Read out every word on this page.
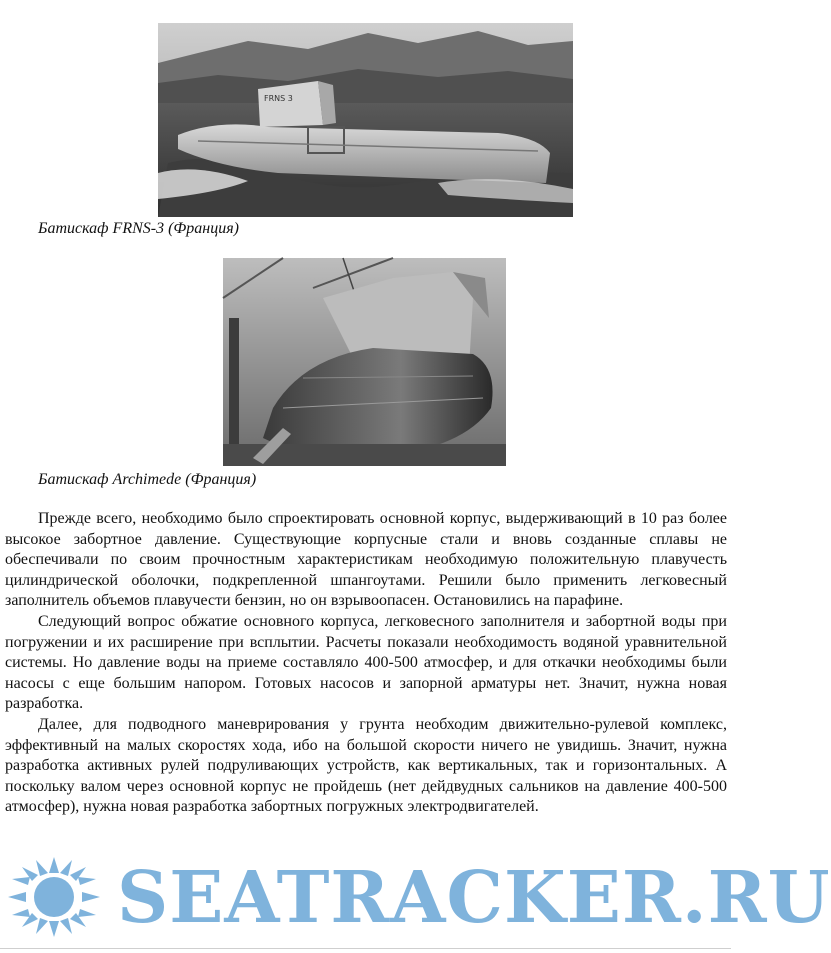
FRNS 3
Батискаф FRNS-3 (Франция)
Батискаф Archimede (Франция)

Прежде всего, необходимо было спроектировать основной корпус, выдерживающий в 10 раз более высокое забортное давление. Существующие корпусные стали и вновь созданные сплавы не обеспечивали по своим прочностным характеристикам необходимую положительную плавучесть цилиндрической оболочки, подкрепленной шпангоутами. Решили было применить легковесный заполнитель объемов плавучести бензин, но он взрывоопасен. Остановились на парафине.

Следующий вопрос обжатие основного корпуса, легковесного заполнителя и забортной воды при погружении и их расширение при всплытии. Расчеты показали необходимость водяной уравнительной системы. Но давление воды на приеме составляло 400-500 атмосфер, и для откачки необходимы были насосы с еще большим напором. Готовых насосов и запорной арматуры нет. Значит, нужна новая разработка.

Далее, для подводного маневрирования у грунта необходим движительно-рулевой комплекс, эффективный на малых скоростях хода, ибо на большой скорости ничего не увидишь. Значит, нужна разработка активных рулей подруливающих устройств, как вертикальных, так и горизонтальных. А поскольку валом через основной корпус не пройдешь (нет дейдвудных сальников на давление 400-500 атмосфер), нужна новая разработка забортных погружных электродвигателей.

SEATRACKER.RU
